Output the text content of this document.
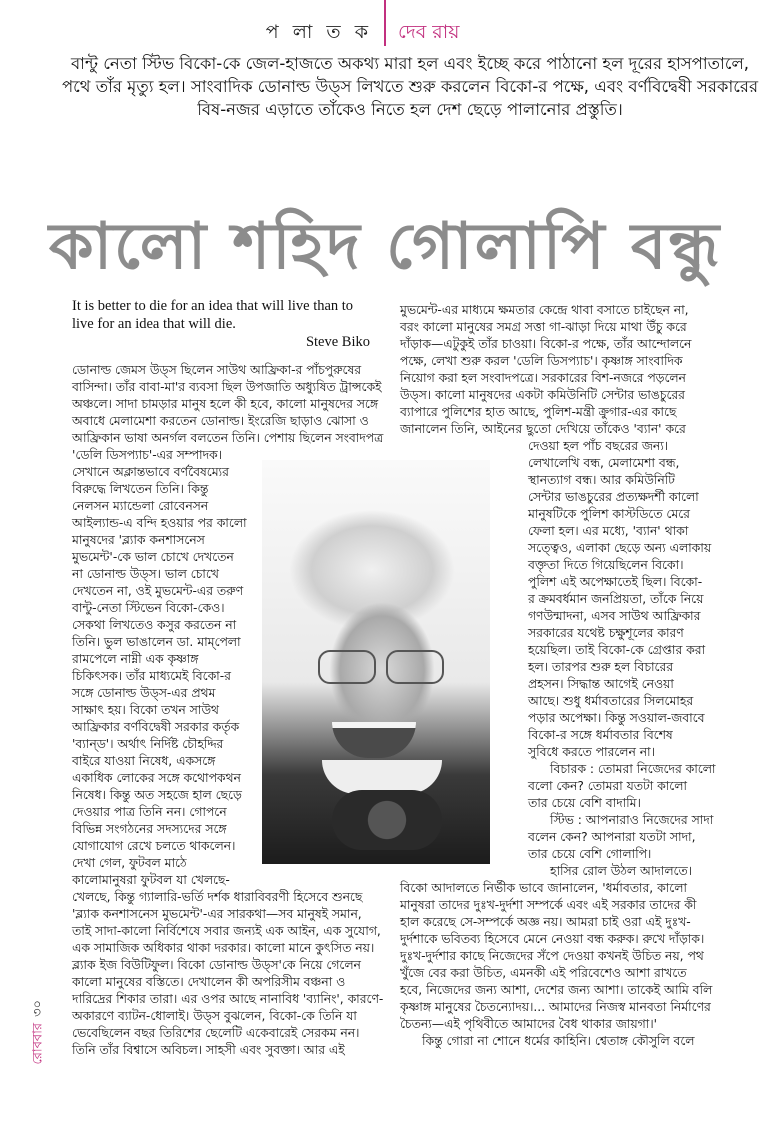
প লা ত ক দেব রায়
বান্টু নেতা স্টিভ বিকো-কে জেল-হাজতে অকথ্য মারা হল এবং ইচ্ছে করে পাঠানো হল দূরের হাসপাতালে, পথে তাঁর মৃত্যু হল। সাংবাদিক ডোনাল্ড উড্‌স লিখতে শুরু করলেন বিকো-র পক্ষে, এবং বর্ণবিদ্বেষী সরকারের বিষ-নজর এড়াতে তাঁকেও নিতে হল দেশ ছেড়ে পালানোর প্রস্তুতি।
কালো শহিদ গোলাপি বন্ধু
It is better to die for an idea that will live than to live for an idea that will die.
Steve Biko
ডোনাল্ড জেমস উড্‌স ছিলেন সাউথ আফ্রিকা-র পাঁচপুরুষের
বাসিন্দা। তাঁর বাবা-মা'র ব্যবসা ছিল উপজাতি অধ্যুষিত ট্রান্সকেই
অঞ্চলে। সাদা চামড়ার মানুষ হলে কী হবে, কালো মানুষদের সঙ্গে
অবাধে মেলামেশা করতেন ডোনাল্ড। ইংরেজি ছাড়াও ঝোসা ও
আফ্রিকান ভাষা অনর্গল বলতেন তিনি। পেশায় ছিলেন সংবাদপত্র
'ডেলি ডিসপ্যাচ'-এর সম্পাদক।
সেখানে অক্লান্তভাবে বর্ণবৈষম্যের
বিরুদ্ধে লিখতেন তিনি। কিন্তু
নেলসন ম্যান্ডেলা রোবেনসন
আইল্যান্ড-এ বন্দি হওয়ার পর কালো
মানুষদের 'ব্ল্যাক কনশাসনেস
মুভমেন্ট'-কে ভাল চোখে দেখতেন
না ডোনাল্ড উড্‌স। ভাল চোখে
দেখতেন না, ওই মুভমেন্ট-এর তরুণ
বান্টু-নেতা স্টিভেন বিকো-কেও।
সেকথা লিখতেও কসুর করতেন না
তিনি। ভুল ভাঙালেন ডা. মাম্‌পেলা
রামপেলে নাম্নী এক কৃষ্ণাঙ্গ
চিকিৎসক। তাঁর মাধ্যমেই বিকো-র
সঙ্গে ডোনাল্ড উড্‌স-এর প্রথম
সাক্ষাৎ হয়। বিকো তখন সাউথ
আফ্রিকার বর্ণবিদ্বেষী সরকার কর্তৃক
'ব্যান্‌ড'। অর্থাৎ নির্দিষ্ট চৌহদ্দির
বাইরে যাওয়া নিষেধ, একসঙ্গে
একাধিক লোকের সঙ্গে কথোপকথন
নিষেধ। কিন্তু অত সহজে হাল ছেড়ে
দেওয়ার পাত্র তিনি নন। গোপনে
বিভিন্ন সংগঠনের সদস্যদের সঙ্গে
যোগাযোগ রেখে চলতে থাকলেন।
দেখা গেল, ফুটবল মাঠে
কালোমানুষরা ফুটবল যা খেলছে-
খেলছে, কিন্তু গ্যালারি-ভর্তি দর্শক ধারাবিবরণী হিসেবে শুনছে
'ব্ল্যাক কনশাসনেস মুভমেন্ট'-এর সারকথা—সব মানুষই সমান,
তাই সাদা-কালো নির্বিশেষে সবার জন্যই এক আইন, এক সুযোগ,
এক সামাজিক অধিকার থাকা দরকার। কালো মানে কুৎসিত নয়।
ব্ল্যাক ইজ বিউটিফুল। বিকো ডোনাল্ড উড্‌স'কে নিয়ে গেলেন
কালো মানুষের বস্তিতে। দেখালেন কী অপরিসীম বঞ্চনা ও
দারিদ্রের শিকার তারা। এর ওপর আছে নানাবিধ 'ব্যানিং', কারণে-
অকারণে ব্যাটন-ধোলাই। উড্‌স বুঝলেন, বিকো-কে তিনি যা
ভেবেছিলেন বছর তিরিশের ছেলেটি একেবারেই সেরকম নন।
তিনি তাঁর বিশ্বাসে অবিচল। সাহসী এবং সুবক্তা। আর এই
মুভমেন্ট-এর মাধ্যমে ক্ষমতার কেন্দ্রে থাবা বসাতে চাইছেন না,
বরং কালো মানুষের সমগ্র সত্তা গা-ঝাড়া দিয়ে মাথা উঁচু করে
দাঁড়াক—এটুকুই তাঁর চাওয়া। বিকো-র পক্ষে, তাঁর আন্দোলনে
পক্ষে, লেখা শুরু করল 'ডেলি ডিসপ্যাচ'। কৃষ্ণাঙ্গ সাংবাদিক
নিয়োগ করা হল সংবাদপত্রে। সরকারের বিশ-নজরে পড়লেন
উড্‌স। কালো মানুষদের একটা কমিউনিটি সেন্টার ভাঙচুরের
ব্যাপারে পুলিশের হাত আছে, পুলিশ-মন্ত্রী ক্রুগার-এর কাছে
জানালেন তিনি, আইনের ছুতো দেখিয়ে তাঁকেও 'ব্যান' করে
দেওয়া হল পাঁচ বছরের জন্য।
লেখালেখি বন্ধ, মেলামেশা বন্ধ,
স্থানত্যাগ বন্ধ। আর কমিউনিটি
সেন্টার ভাঙচুরের প্রত্যক্ষদর্শী কালো
মানুষটিকে পুলিশ কাস্টডিতে মেরে
ফেলা হল। এর মধ্যে, 'ব্যান' থাকা
সত্ত্বেও, এলাকা ছেড়ে অন্য এলাকায়
বক্তৃতা দিতে গিয়েছিলেন বিকো।
পুলিশ এই অপেক্ষাতেই ছিল। বিকো-
র ক্রমবর্ধমান জনপ্রিয়তা, তাঁকে নিয়ে
গণউন্মাদনা, এসব সাউথ আফ্রিকার
সরকারের যথেষ্ট চক্ষুশূলের কারণ
হয়েছিল। তাই বিকো-কে গ্রেপ্তার করা
হল। তারপর শুরু হল বিচারের
প্রহসন। সিদ্ধান্ত আগেই নেওয়া
আছে। শুধু ধর্মাবতারের সিলমোহর
পড়ার অপেক্ষা। কিন্তু সওয়াল-জবাবে
বিকো-র সঙ্গে ধর্মাবতার বিশেষ
সুবিধে করতে পারলেন না।
বিচারক : তোমরা নিজেদের কালো
বলো কেন? তোমরা যতটা কালো
তার চেয়ে বেশি বাদামি।
স্টিভ : আপনারাও নিজেদের সাদা
বলেন কেন? আপনারা যতটা সাদা,
তার চেয়ে বেশি গোলাপি।
হাসির রোল উঠল আদালতে।
বিকো আদালতে নির্ভীক ভাবে জানালেন, 'ধর্মাবতার, কালো
মানুষরা তাদের দুঃখ-দুর্দশা সম্পর্কে এবং এই সরকার তাদের কী
হাল করেছে সে-সম্পর্কে অজ্ঞ নয়। আমরা চাই ওরা এই দুঃখ-
দুর্দশাকে ভবিতব্য হিসেবে মেনে নেওয়া বন্ধ করুক। রুখে দাঁড়াক।
দুঃখ-দুর্দশার কাছে নিজেদের সঁপে দেওয়া কখনই উচিত নয়, পথ
খুঁজে বের করা উচিত, এমনকী এই পরিবেশেও আশা রাখতে
হবে, নিজেদের জন্য আশা, দেশের জন্য আশা। তাকেই আমি বলি
কৃষ্ণাঙ্গ মানুষের চৈতন্যোদয়।... আমাদের নিজস্ব মানবতা নির্মাণের
চৈতন্য—এই পৃথিবীতে আমাদের বৈধ থাকার জায়গা।'
কিন্তু গোরা না শোনে ধর্মের কাহিনি। শ্বেতাঙ্গ কৌসুলি বলে
রোববার৩০
